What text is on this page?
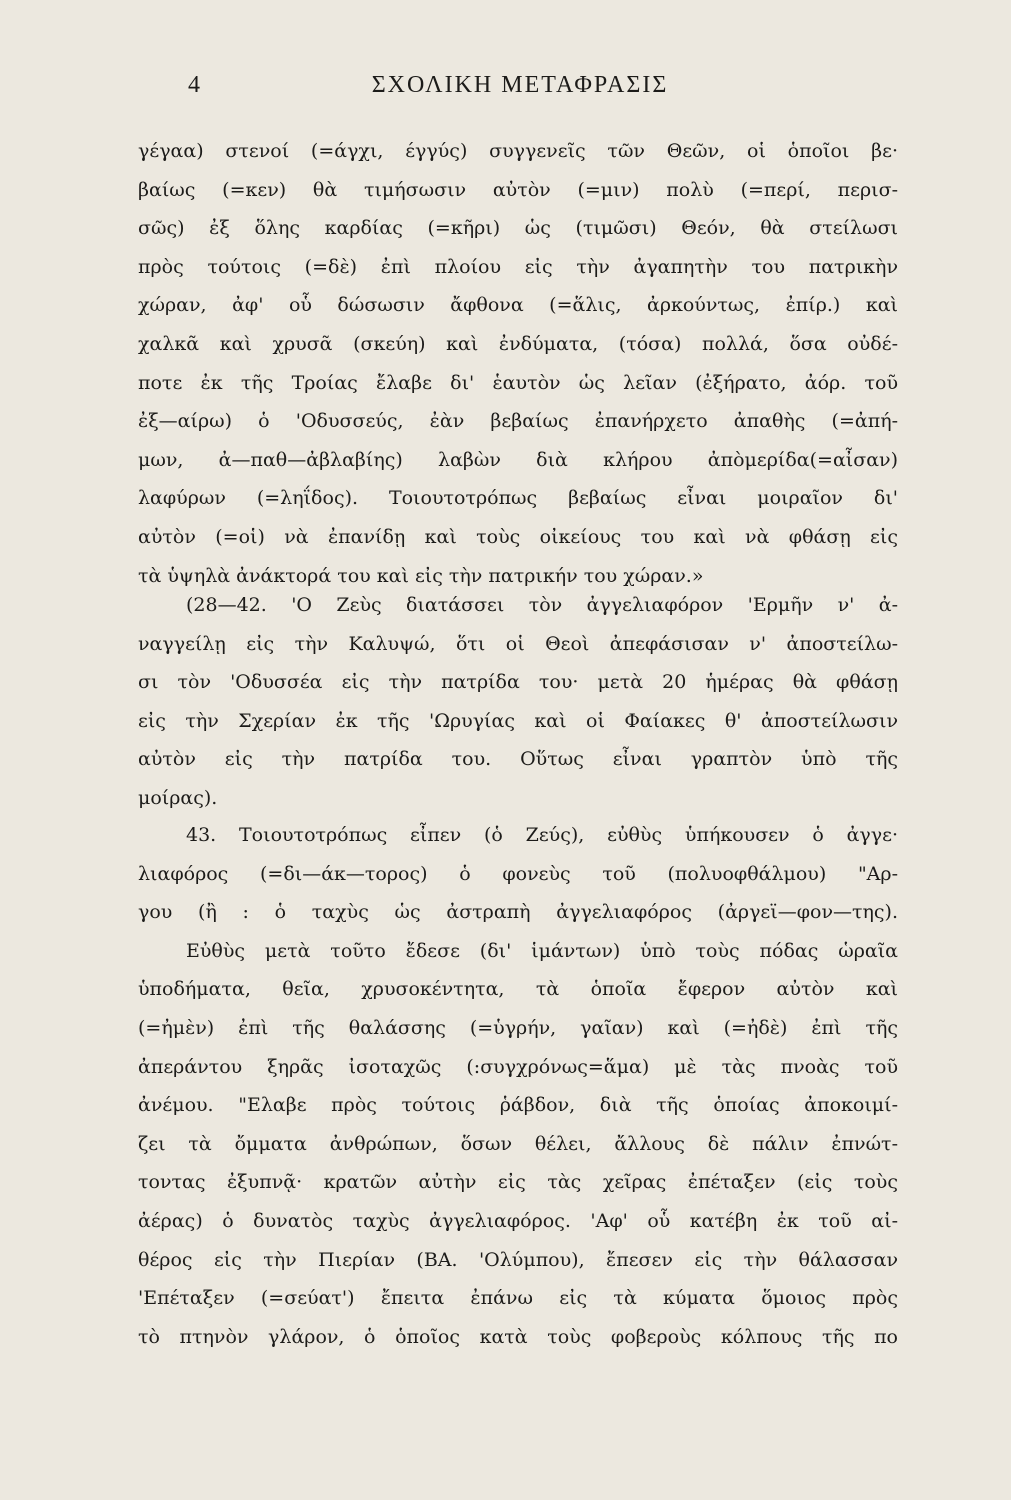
4	ΣΧΟΛΙΚΗ ΜΕΤΑΦΡΑΣΙΣ
γέγαα) στενοί (=άγχι, έγγύς) συγγενεῖς τῶν Θεῶν, οἱ ὁποῖοι βε·
βαίως (=κεν) θὰ τιμήσωσιν αὐτὸν (=μιν) πολὺ (=περί, περισ-
σῶς) ἐξ ὅλης καρδίας (=κῆρι) ὡς (τιμῶσι) Θεόν, θὰ στείλωσι
πρὸς τούτοις (=δὲ) ἐπὶ πλοίου εἰς τὴν ἀγαπητὴν του πατρικὴν
χώραν, ἀφ' οὗ δώσωσιν ἄφθονα (=ἅλις, ἀρκούντως, ἐπίρ.) καὶ
χαλκᾶ καὶ χρυσᾶ (σκεύη) καὶ ἐνδύματα, (τόσα) πολλά, ὅσα οὐδέ-
ποτε ἐκ τῆς Τροίας ἔλαβε δι' ἑαυτὸν ὡς λεῖαν (ἐξήρατο, ἀόρ. τοῦ
ἐξ—αίρω) ὁ 'Οδυσσεύς, ἐὰν βεβαίως ἐπανήρχετο ἀπαθὴς (=ἀπή-
μων, ἀ—παθ—ἀβλαβίης) λαβὼν διὰ κλήρου ἀπὸμερίδα(=αἶσαν)
λαφύρων (=ληΐδος). Τοιουτοτρόπως βεβαίως εἶναι μοιραῖον δι'
αὐτὸν (=οἱ) νὰ ἐπανίδῃ καὶ τοὺς οἰκείους του καὶ νὰ φθάσῃ εἰς
τὰ ὑψηλὰ ἀνάκτορά του καὶ εἰς τὴν πατρικήν του χώραν.»
(28—42. 'Ο Ζεὺς διατάσσει τὸν ἀγγελιαφόρον 'Ερμῆν ν' ἀ-
ναγγείλῃ εἰς τὴν Καλυψώ, ὅτι οἱ Θεοὶ ἀπεφάσισαν ν' ἀποστείλω-
σι τὸν 'Οδυσσέα εἰς τὴν πατρίδα του· μετὰ 20 ἡμέρας θὰ φθάσῃ
εἰς τὴν Σχερίαν ἐκ τῆς 'Ωρυγίας καὶ οἱ Φαίακες θ' ἀποστείλωσιν
αὐτὸν εἰς τὴν πατρίδα του. Οὕτως εἶναι γραπτὸν ὑπὸ τῆς
μοίρας).
43. Τοιουτοτρόπως εἶπεν (ὁ Ζεύς), εὐθὺς ὑπήκουσεν ὁ ἀγγε·
λιαφόρος (=δι—άκ—τορος) ὁ φονεὺς τοῦ (πολυοφθάλμου) "Αρ-
γου (ἢ : ὁ ταχὺς ὡς ἀστραπὴ ἀγγελιαφόρος (ἀργεϊ—φον—της).
Εὐθὺς μετὰ τοῦτο ἔδεσε (δι' ἱμάντων) ὑπὸ τοὺς πόδας ὡραῖα
ὑποδήματα, θεῖα, χρυσοκέντητα, τὰ ὁποῖα ἔφερον αὐτὸν καὶ
(=ἠμὲν) ἐπὶ τῆς θαλάσσης (=ὑγρήν, γαῖαν) καὶ (=ἠδὲ) ἐπὶ τῆς
ἀπεράντου ξηρᾶς ἰσοταχῶς (:συγχρόνως=ἅμα) μὲ τὰς πνοὰς τοῦ
ἀνέμου. "Ελαβε πρὸς τούτοις ῥάβδον, διὰ τῆς ὁποίας ἀποκοιμί-
ζει τὰ ὄμματα ἀνθρώπων, ὅσων θέλει, ἄλλους δὲ πάλιν ἐπνώτ-
τοντας ἐξυπνᾷ· κρατῶν αὐτὴν εἰς τὰς χεῖρας ἐπέταξεν (εἰς τοὺς
ἀέρας) ὁ δυνατὸς ταχὺς ἀγγελιαφόρος. 'Αφ' οὗ κατέβη ἐκ τοῦ αἰ-
θέρος εἰς τὴν Πιερίαν (ΒΑ. 'Ολύμπου), ἔπεσεν εἰς τὴν θάλασσαν
'Επέταξεν (=σεύατ') ἔπειτα ἐπάνω εἰς τὰ κύματα ὅμοιος πρὸς
τὸ πτηνὸν γλάρον, ὁ ὁποῖος κατὰ τοὺς φοβεροὺς κόλπους τῆς πο
